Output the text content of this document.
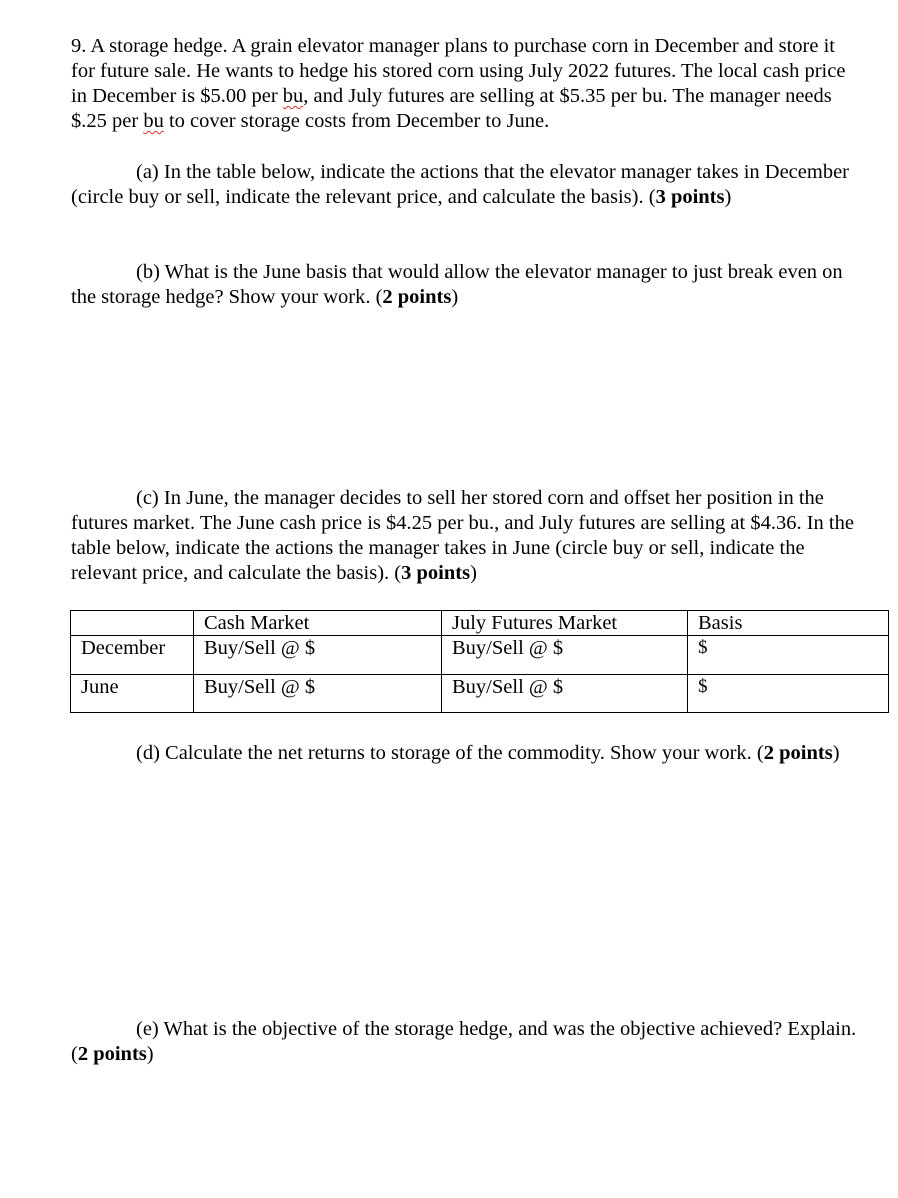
9. A storage hedge. A grain elevator manager plans to purchase corn in December and store it for future sale. He wants to hedge his stored corn using July 2022 futures. The local cash price in December is $5.00 per bu, and July futures are selling at $5.35 per bu. The manager needs $.25 per bu to cover storage costs from December to June.

(a) In the table below, indicate the actions that the elevator manager takes in December (circle buy or sell, indicate the relevant price, and calculate the basis). (3 points)

(b) What is the June basis that would allow the elevator manager to just break even on the storage hedge? Show your work. (2 points)

(c) In June, the manager decides to sell her stored corn and offset her position in the futures market. The June cash price is $4.25 per bu., and July futures are selling at $4.36. In the table below, indicate the actions the manager takes in June (circle buy or sell, indicate the relevant price, and calculate the basis). (3 points)

	Cash Market	July Futures Market	Basis
December	Buy/Sell @ $	Buy/Sell @ $	$
June	Buy/Sell @ $	Buy/Sell @ $	$

(d) Calculate the net returns to storage of the commodity. Show your work. (2 points)

(e) What is the objective of the storage hedge, and was the objective achieved? Explain. (2 points)
